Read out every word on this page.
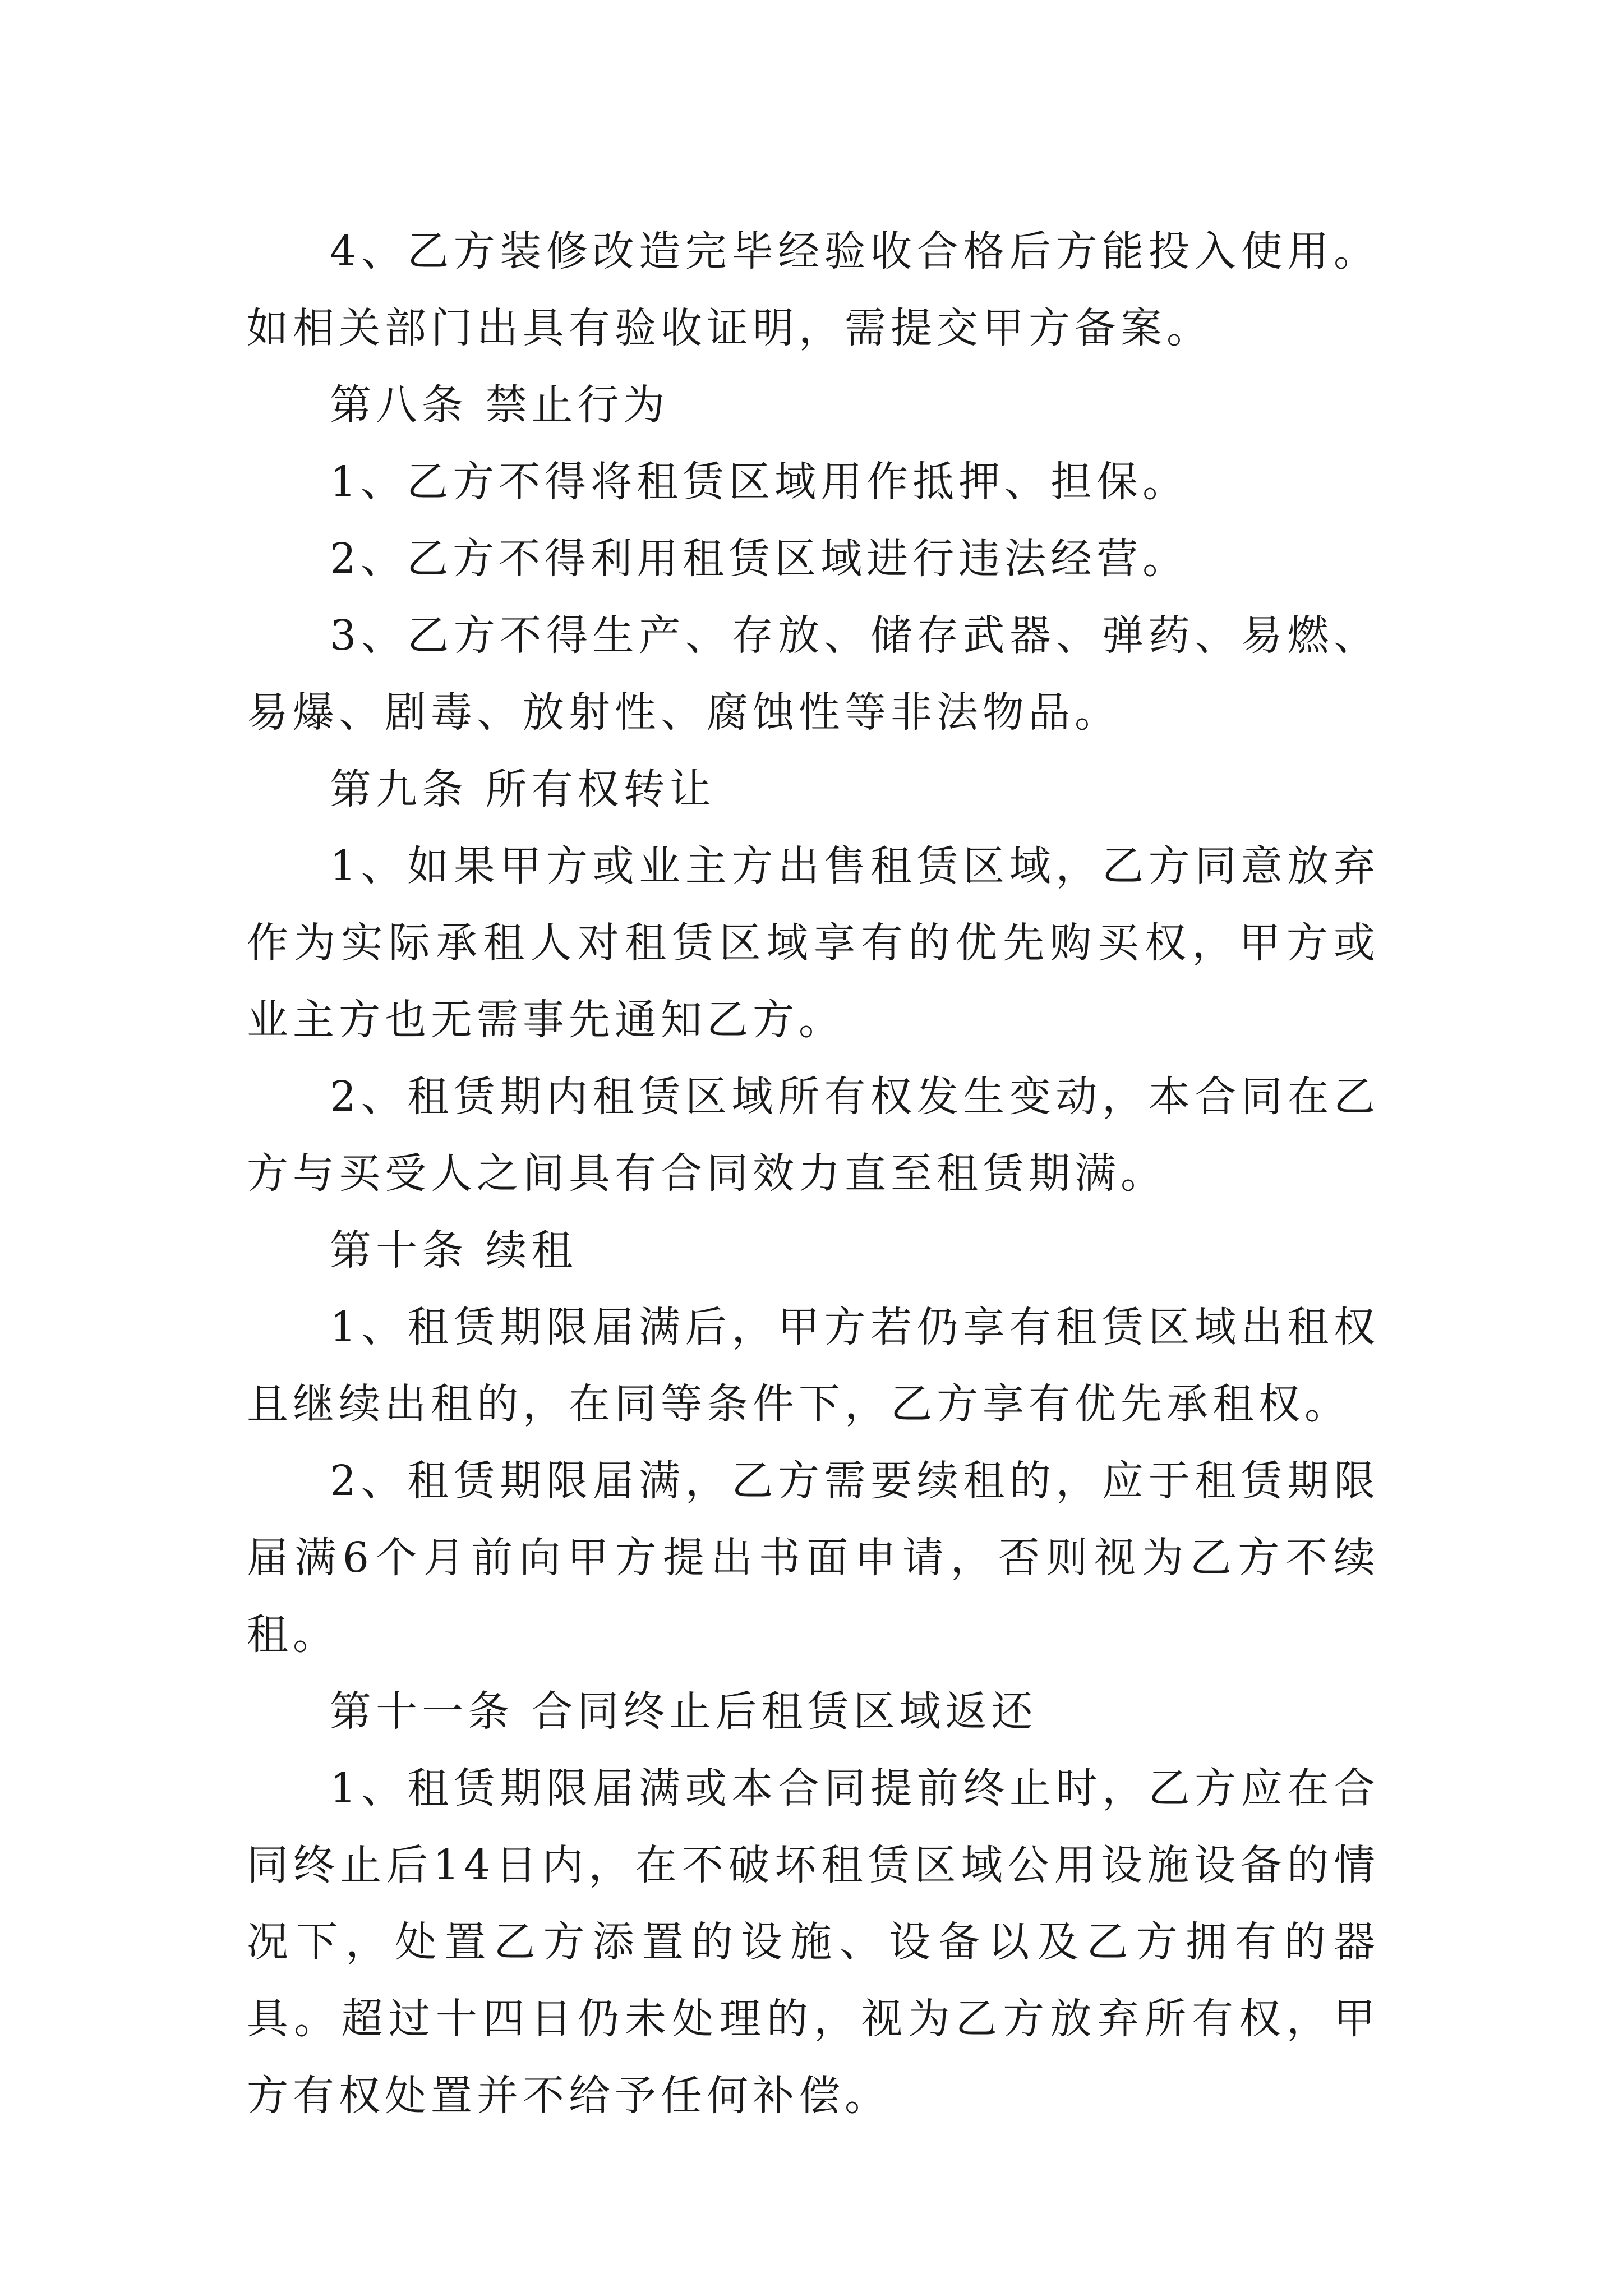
4、乙方装修改造完毕经验收合格后方能投入使用。如相关部门出具有验收证明，需提交甲方备案。

第八条 禁止行为

1、乙方不得将租赁区域用作抵押、担保。

2、乙方不得利用租赁区域进行违法经营。

3、乙方不得生产、存放、储存武器、弹药、易燃、易爆、剧毒、放射性、腐蚀性等非法物品。

第九条 所有权转让

1、如果甲方或业主方出售租赁区域，乙方同意放弃作为实际承租人对租赁区域享有的优先购买权，甲方或业主方也无需事先通知乙方。

2、租赁期内租赁区域所有权发生变动，本合同在乙方与买受人之间具有合同效力直至租赁期满。

第十条 续租

1、租赁期限届满后，甲方若仍享有租赁区域出租权且继续出租的，在同等条件下，乙方享有优先承租权。

2、租赁期限届满，乙方需要续租的，应于租赁期限届满6个月前向甲方提出书面申请，否则视为乙方不续租。

第十一条 合同终止后租赁区域返还

1、租赁期限届满或本合同提前终止时，乙方应在合同终止后14日内，在不破坏租赁区域公用设施设备的情况下，处置乙方添置的设施、设备以及乙方拥有的器具。超过十四日仍未处理的，视为乙方放弃所有权，甲方有权处置并不给予任何补偿。
